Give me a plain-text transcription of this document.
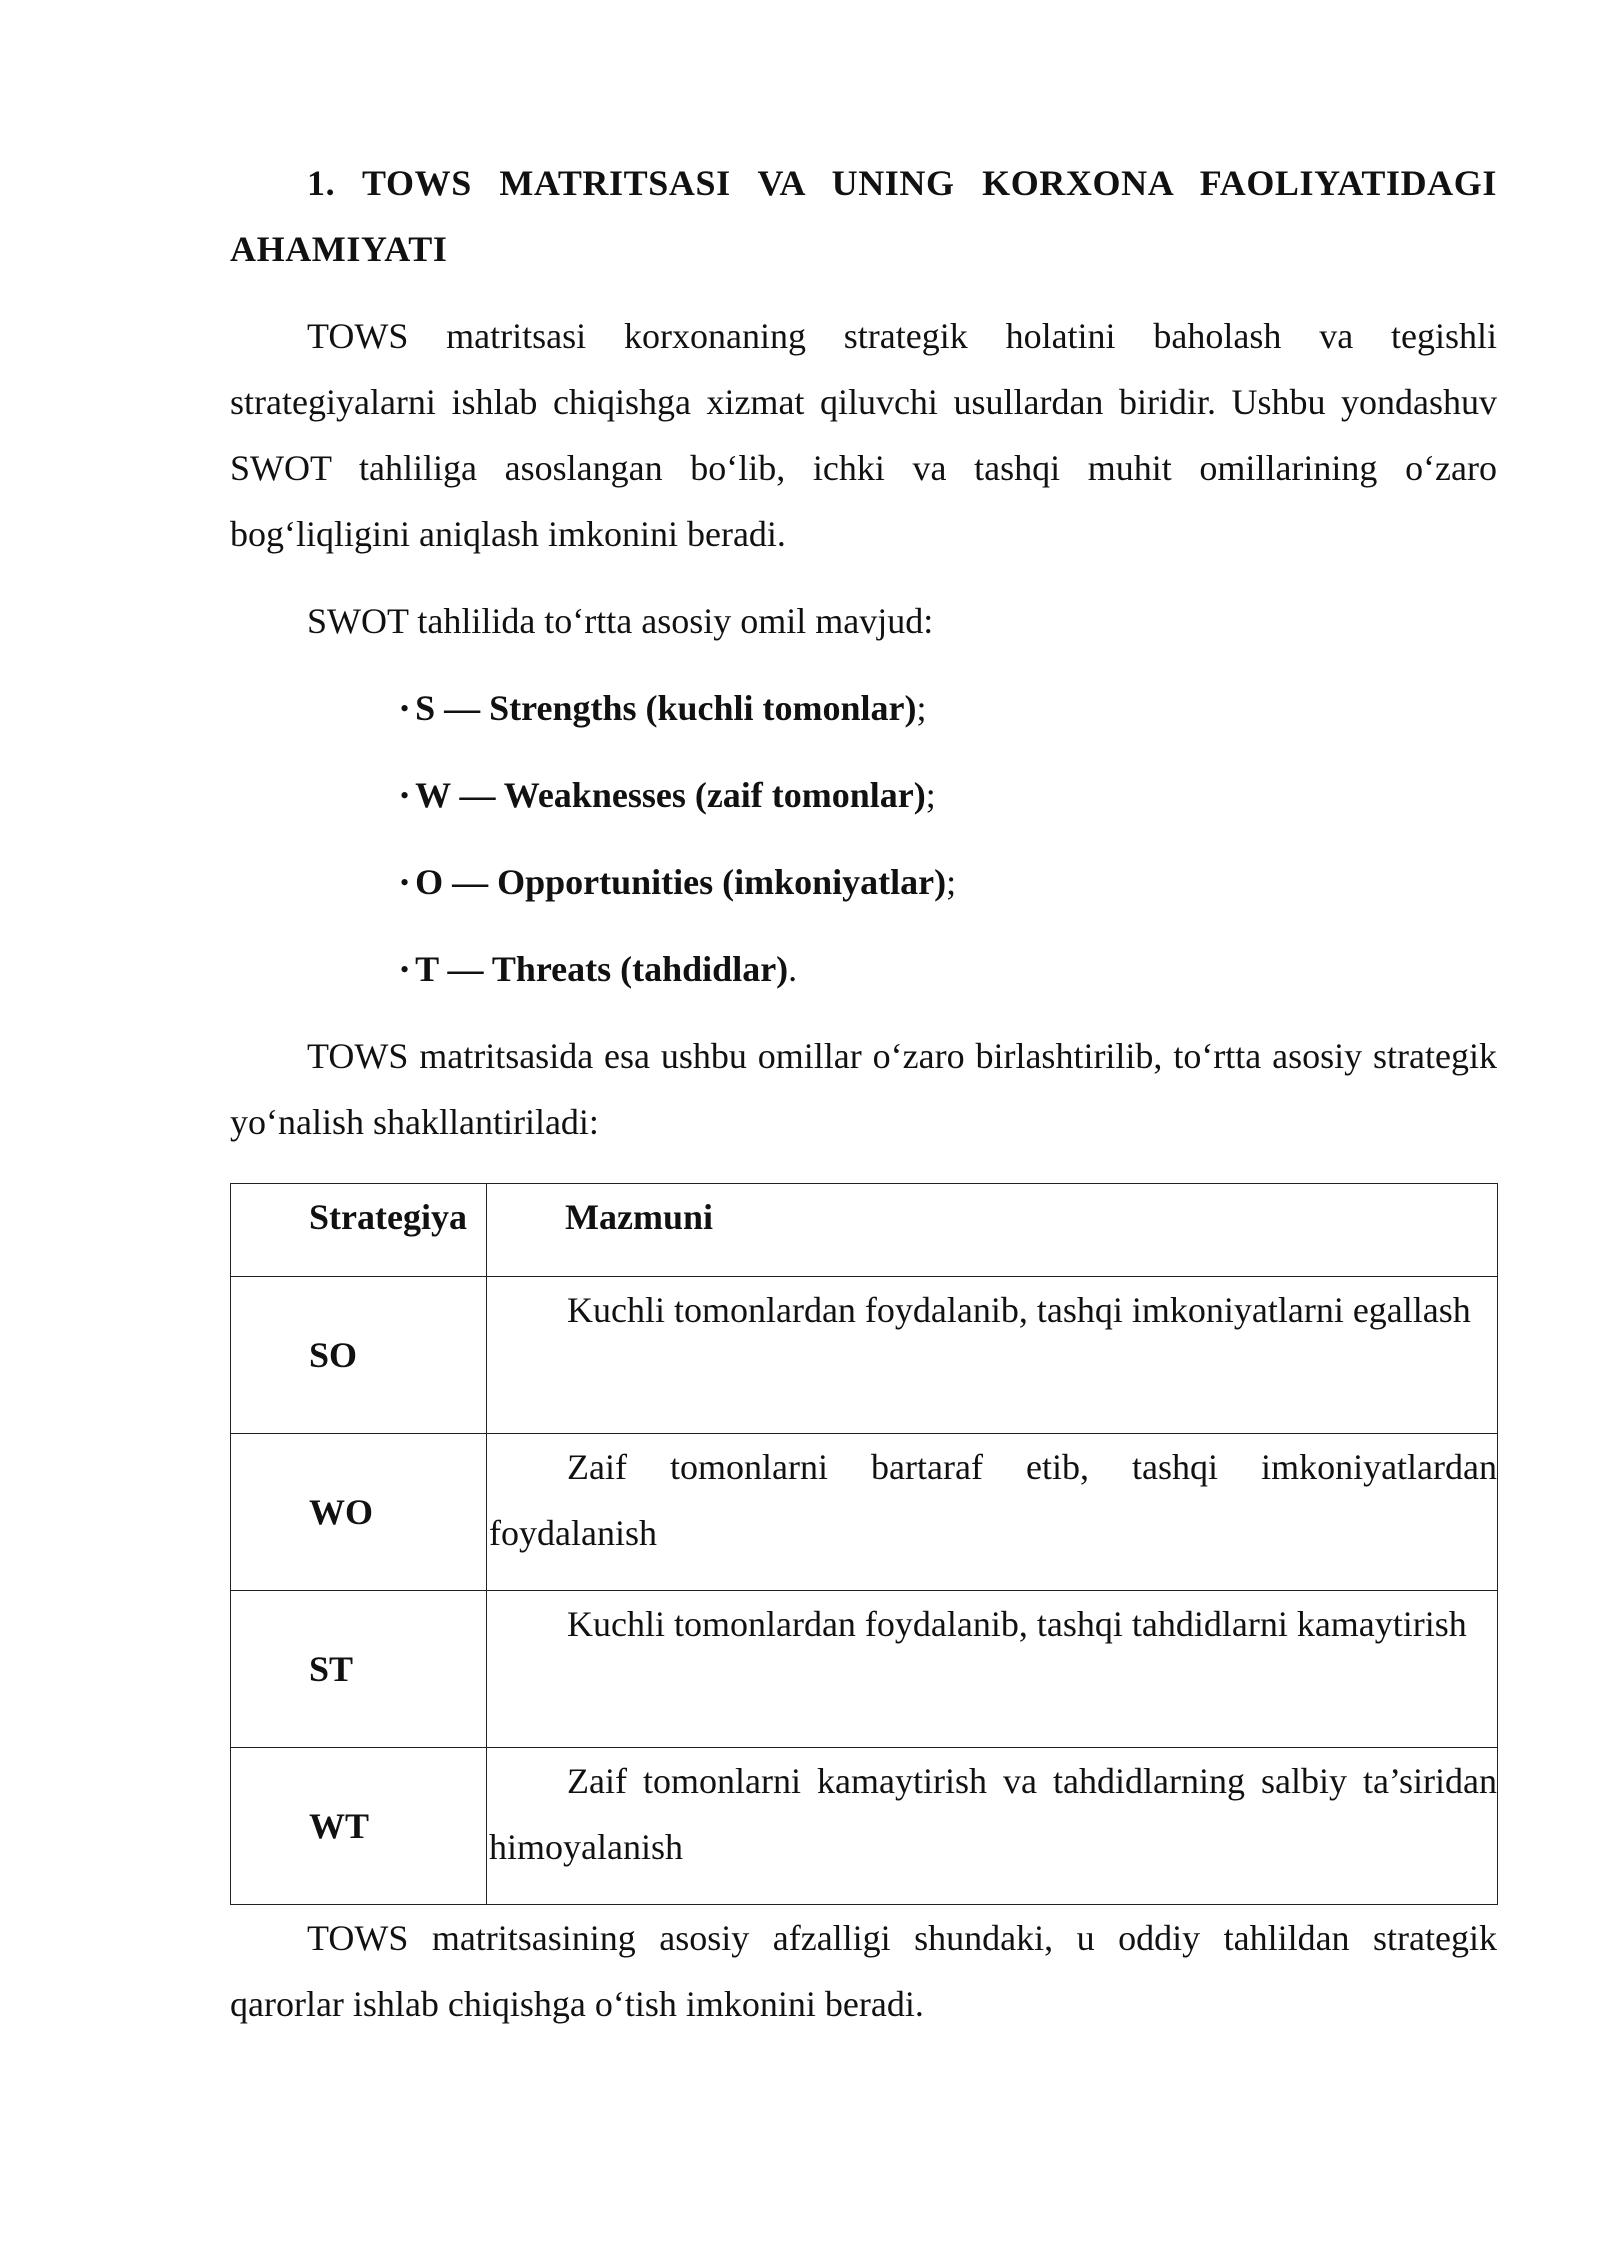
1. TOWS MATRITSASI VA UNING KORXONA FAOLIYATIDAGI AHAMIYATI

TOWS matritsasi korxonaning strategik holatini baholash va tegishli strategiyalarni ishlab chiqishga xizmat qiluvchi usullardan biridir. Ushbu yondashuv SWOT tahliliga asoslangan bo‘lib, ichki va tashqi muhit omillarining o‘zaro bog‘liqligini aniqlash imkonini beradi.

SWOT tahlilida to‘rtta asosiy omil mavjud:

• S — Strengths (kuchli tomonlar);
• W — Weaknesses (zaif tomonlar);
• O — Opportunities (imkoniyatlar);
• T — Threats (tahdidlar).

TOWS matritsasida esa ushbu omillar o‘zaro birlashtirilib, to‘rtta asosiy strategik yo‘nalish shakllantiriladi:

Strategiya	Mazmuni

SO	Kuchli tomonlardan foydalanib, tashqi imkoniyatlarni egallash

WO	Zaif tomonlarni bartaraf etib, tashqi imkoniyatlardan foydalanish

ST	Kuchli tomonlardan foydalanib, tashqi tahdidlarni kamaytirish

WT	Zaif tomonlarni kamaytirish va tahdidlarning salbiy ta’siridan himoyalanish

TOWS matritsasining asosiy afzalligi shundaki, u oddiy tahlildan strategik qarorlar ishlab chiqishga o‘tish imkonini beradi.
